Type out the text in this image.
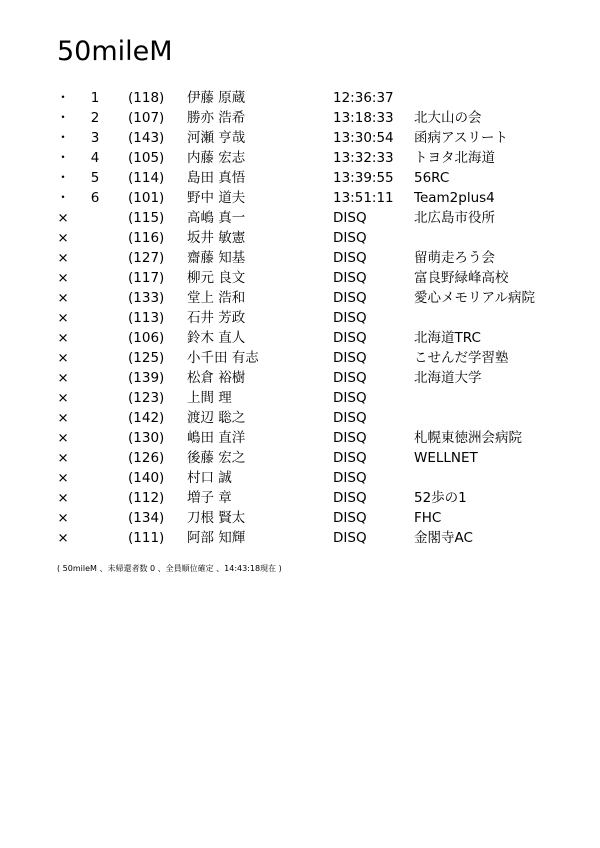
50mileM
・ 1 (118) 伊藤 原蔵	12:36:37
・ 2 (107) 勝亦 浩希	13:18:33 北大山の会
・ 3 (143) 河瀬 亨哉	13:30:54 函病アスリート
・ 4 (105) 内藤 宏志	13:32:33 トヨタ北海道
・ 5 (114) 島田 真悟	13:39:55 56RC
・ 6 (101) 野中 道夫	13:51:11 Team2plus4
×	(115) 高嶋 真一	DISQ	北広島市役所
×	(116) 坂井 敏憲	DISQ
×	(127) 齋藤 知基	DISQ	留萌走ろう会
×	(117) 柳元 良文	DISQ	富良野緑峰高校
×	(133) 堂上 浩和	DISQ	愛心メモリアル病院
×	(113) 石井 芳政	DISQ
×	(106) 鈴木 直人	DISQ	北海道TRC
×	(125) 小千田 有志	DISQ	こせんだ学習塾
×	(139) 松倉 裕樹	DISQ	北海道大学
×	(123) 上間 理	DISQ
×	(142) 渡辺 聡之	DISQ
×	(130) 嶋田 直洋	DISQ	札幌東徳洲会病院
×	(126) 後藤 宏之	DISQ	WELLNET
×	(140) 村口 誠	DISQ
×	(112) 増子 章	DISQ	52歩の1
×	(134) 刀根 賢太	DISQ	FHC
×	(111) 阿部 知輝	DISQ	金閣寺AC
( 50mileM 、未帰還者数 0 、全員順位確定 、14:43:18現在 )
